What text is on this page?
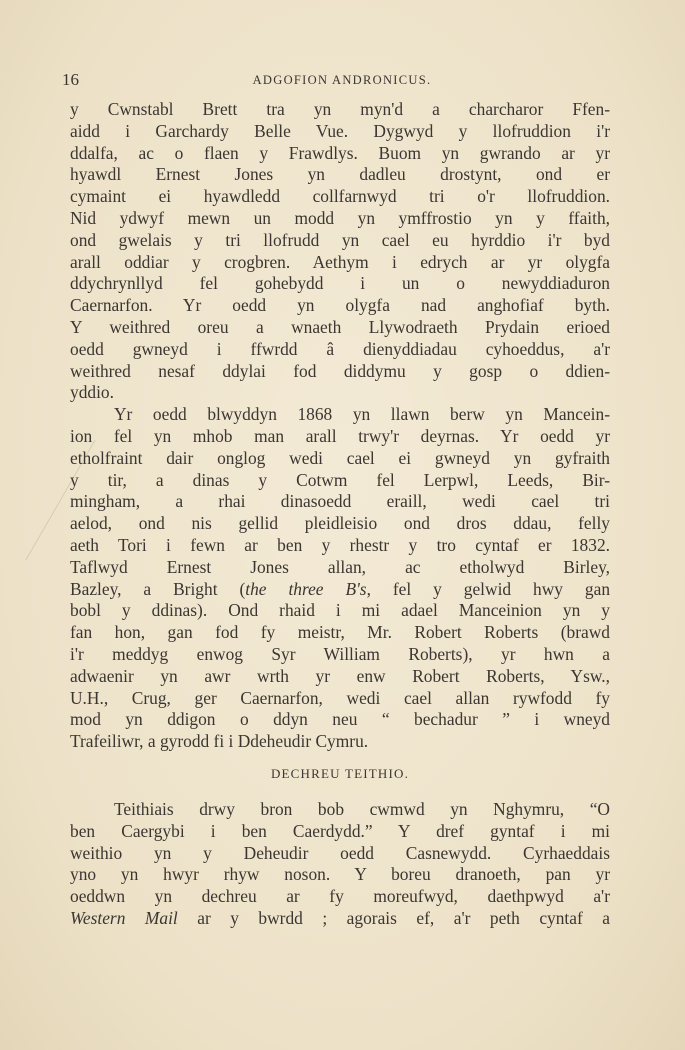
16	ADGOFION ANDRONICUS.
y Cwnstabl Brett tra yn myn'd a charcharor Ffen-
aidd i Garchardy Belle Vue. Dygwyd y llofruddion i'r
ddalfa, ac o flaen y Frawdlys. Buom yn gwrando ar yr
hyawdl Ernest Jones yn dadleu drostynt, ond er
cymaint ei hyawdledd collfarnwyd tri o'r llofruddion.
Nid ydwyf mewn un modd yn ymffrostio yn y ffaith,
ond gwelais y tri llofrudd yn cael eu hyrddio i'r byd
arall oddiar y crogbren. Aethym i edrych ar yr olygfa
ddychrynllyd fel gohebydd i un o newyddiaduron
Caernarfon. Yr oedd yn olygfa nad anghofiaf byth.
Y weithred oreu a wnaeth Llywodraeth Prydain erioed
oedd gwneyd i ffwrdd â dienyddiadau cyhoeddus, a'r
weithred nesaf ddylai fod diddymu y gosp o ddien-
yddio.
Yr oedd blwyddyn 1868 yn llawn berw yn Mancein-
ion fel yn mhob man arall trwy'r deyrnas. Yr oedd yr
etholfraint dair onglog wedi cael ei gwneyd yn gyfraith
y tir, a dinas y Cotwm fel Lerpwl, Leeds, Bir-
mingham, a rhai dinasoedd eraill, wedi cael tri
aelod, ond nis gellid pleidleisio ond dros ddau, felly
aeth Tori i fewn ar ben y rhestr y tro cyntaf er 1832.
Taflwyd Ernest Jones allan, ac etholwyd Birley,
Bazley, a Bright (the three B's, fel y gelwid hwy gan
bobl y ddinas). Ond rhaid i mi adael Manceinion yn y
fan hon, gan fod fy meistr, Mr. Robert Roberts (brawd
i'r meddyg enwog Syr William Roberts), yr hwn a
adwaenir yn awr wrth yr enw Robert Roberts, Ysw.,
U.H., Crug, ger Caernarfon, wedi cael allan rywfodd fy
mod yn ddigon o ddyn neu “ bechadur ” i wneyd
Trafeiliwr, a gyrodd fi i Ddeheudir Cymru.
DECHREU TEITHIO.
Teithiais drwy bron bob cwmwd yn Nghymru, “O
ben Caergybi i ben Caerdydd.” Y dref gyntaf i mi
weithio yn y Deheudir oedd Casnewydd. Cyrhaeddais
yno yn hwyr rhyw noson. Y boreu dranoeth, pan yr
oeddwn yn dechreu ar fy moreufwyd, daethpwyd a'r
Western Mail ar y bwrdd ; agorais ef, a'r peth cyntaf a
